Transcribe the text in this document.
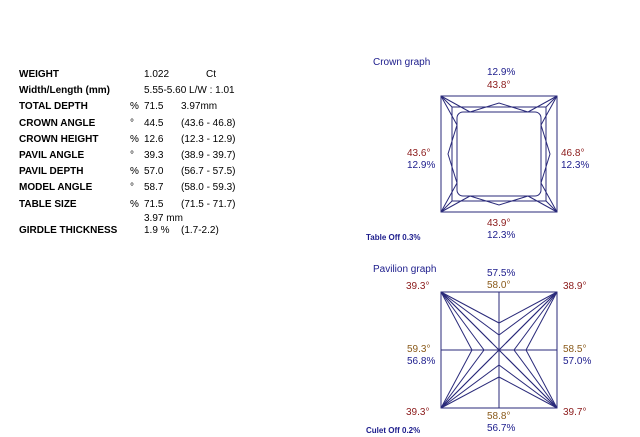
WEIGHT	1.022	Ct
Width/Length (mm)	5.55-5.60 L/W : 1.01
TOTAL DEPTH	% 71.5 3.97mm
CROWN ANGLE	° 44.5 (43.6 - 46.8)
CROWN HEIGHT	% 12.6 (12.3 - 12.9)
PAVIL ANGLE	° 39.3 (38.9 - 39.7)
PAVIL DEPTH	% 57.0 (56.7 - 57.5)
MODEL ANGLE	° 58.7 (58.0 - 59.3)
TABLE SIZE	% 71.5 (71.5 - 71.7)
3.97 mm
GIRDLE THICKNESS	1.9 % (1.7-2.2)
Crown graph
12.9%
43.8°
43.6°
12.9%
46.8°
12.3%
43.9°
12.3%
Table Off 0.3%
Pavilion graph	57.5%
58.0°
39.3°	38.9°
59.3°
56.8%
58.5°
57.0%
39.3°	39.7°
58.8°
56.7%
Culet Off 0.2%
